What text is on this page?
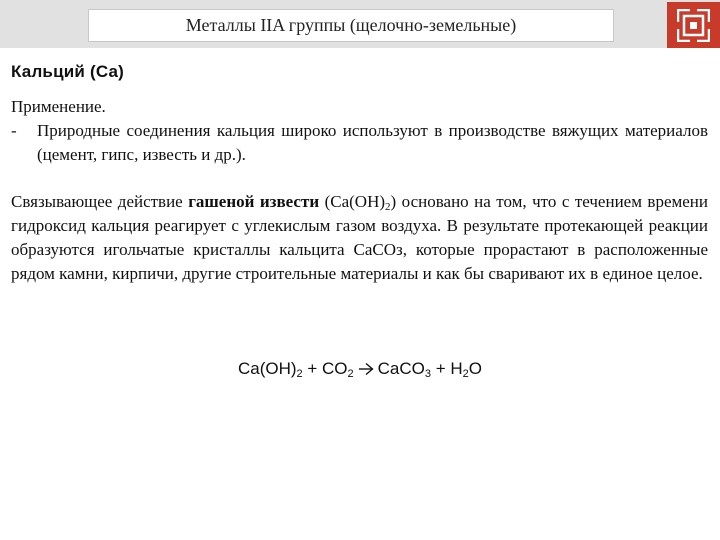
Металлы IIA группы (щелочно-земельные)
Кальций (Са)
Применение.
- Природные соединения кальция широко используют в производстве вяжущих материалов (цемент, гипс, известь и др.).
Связывающее действие гашеной извести $(Са(ОН)_2)$ основано на том, что с течением времени гидроксид кальция реагирует с углекислым газом воздуха. В результате протекающей реакции образуются игольчатые кристаллы кальцита СаСОз, которые прорастают в расположенные рядом камни, кирпичи, другие строительные материалы и как бы сваривают их в единое целое.
$Ca(OH)_2 + CO_2$ CaCO$_3$ + $H_2O$
